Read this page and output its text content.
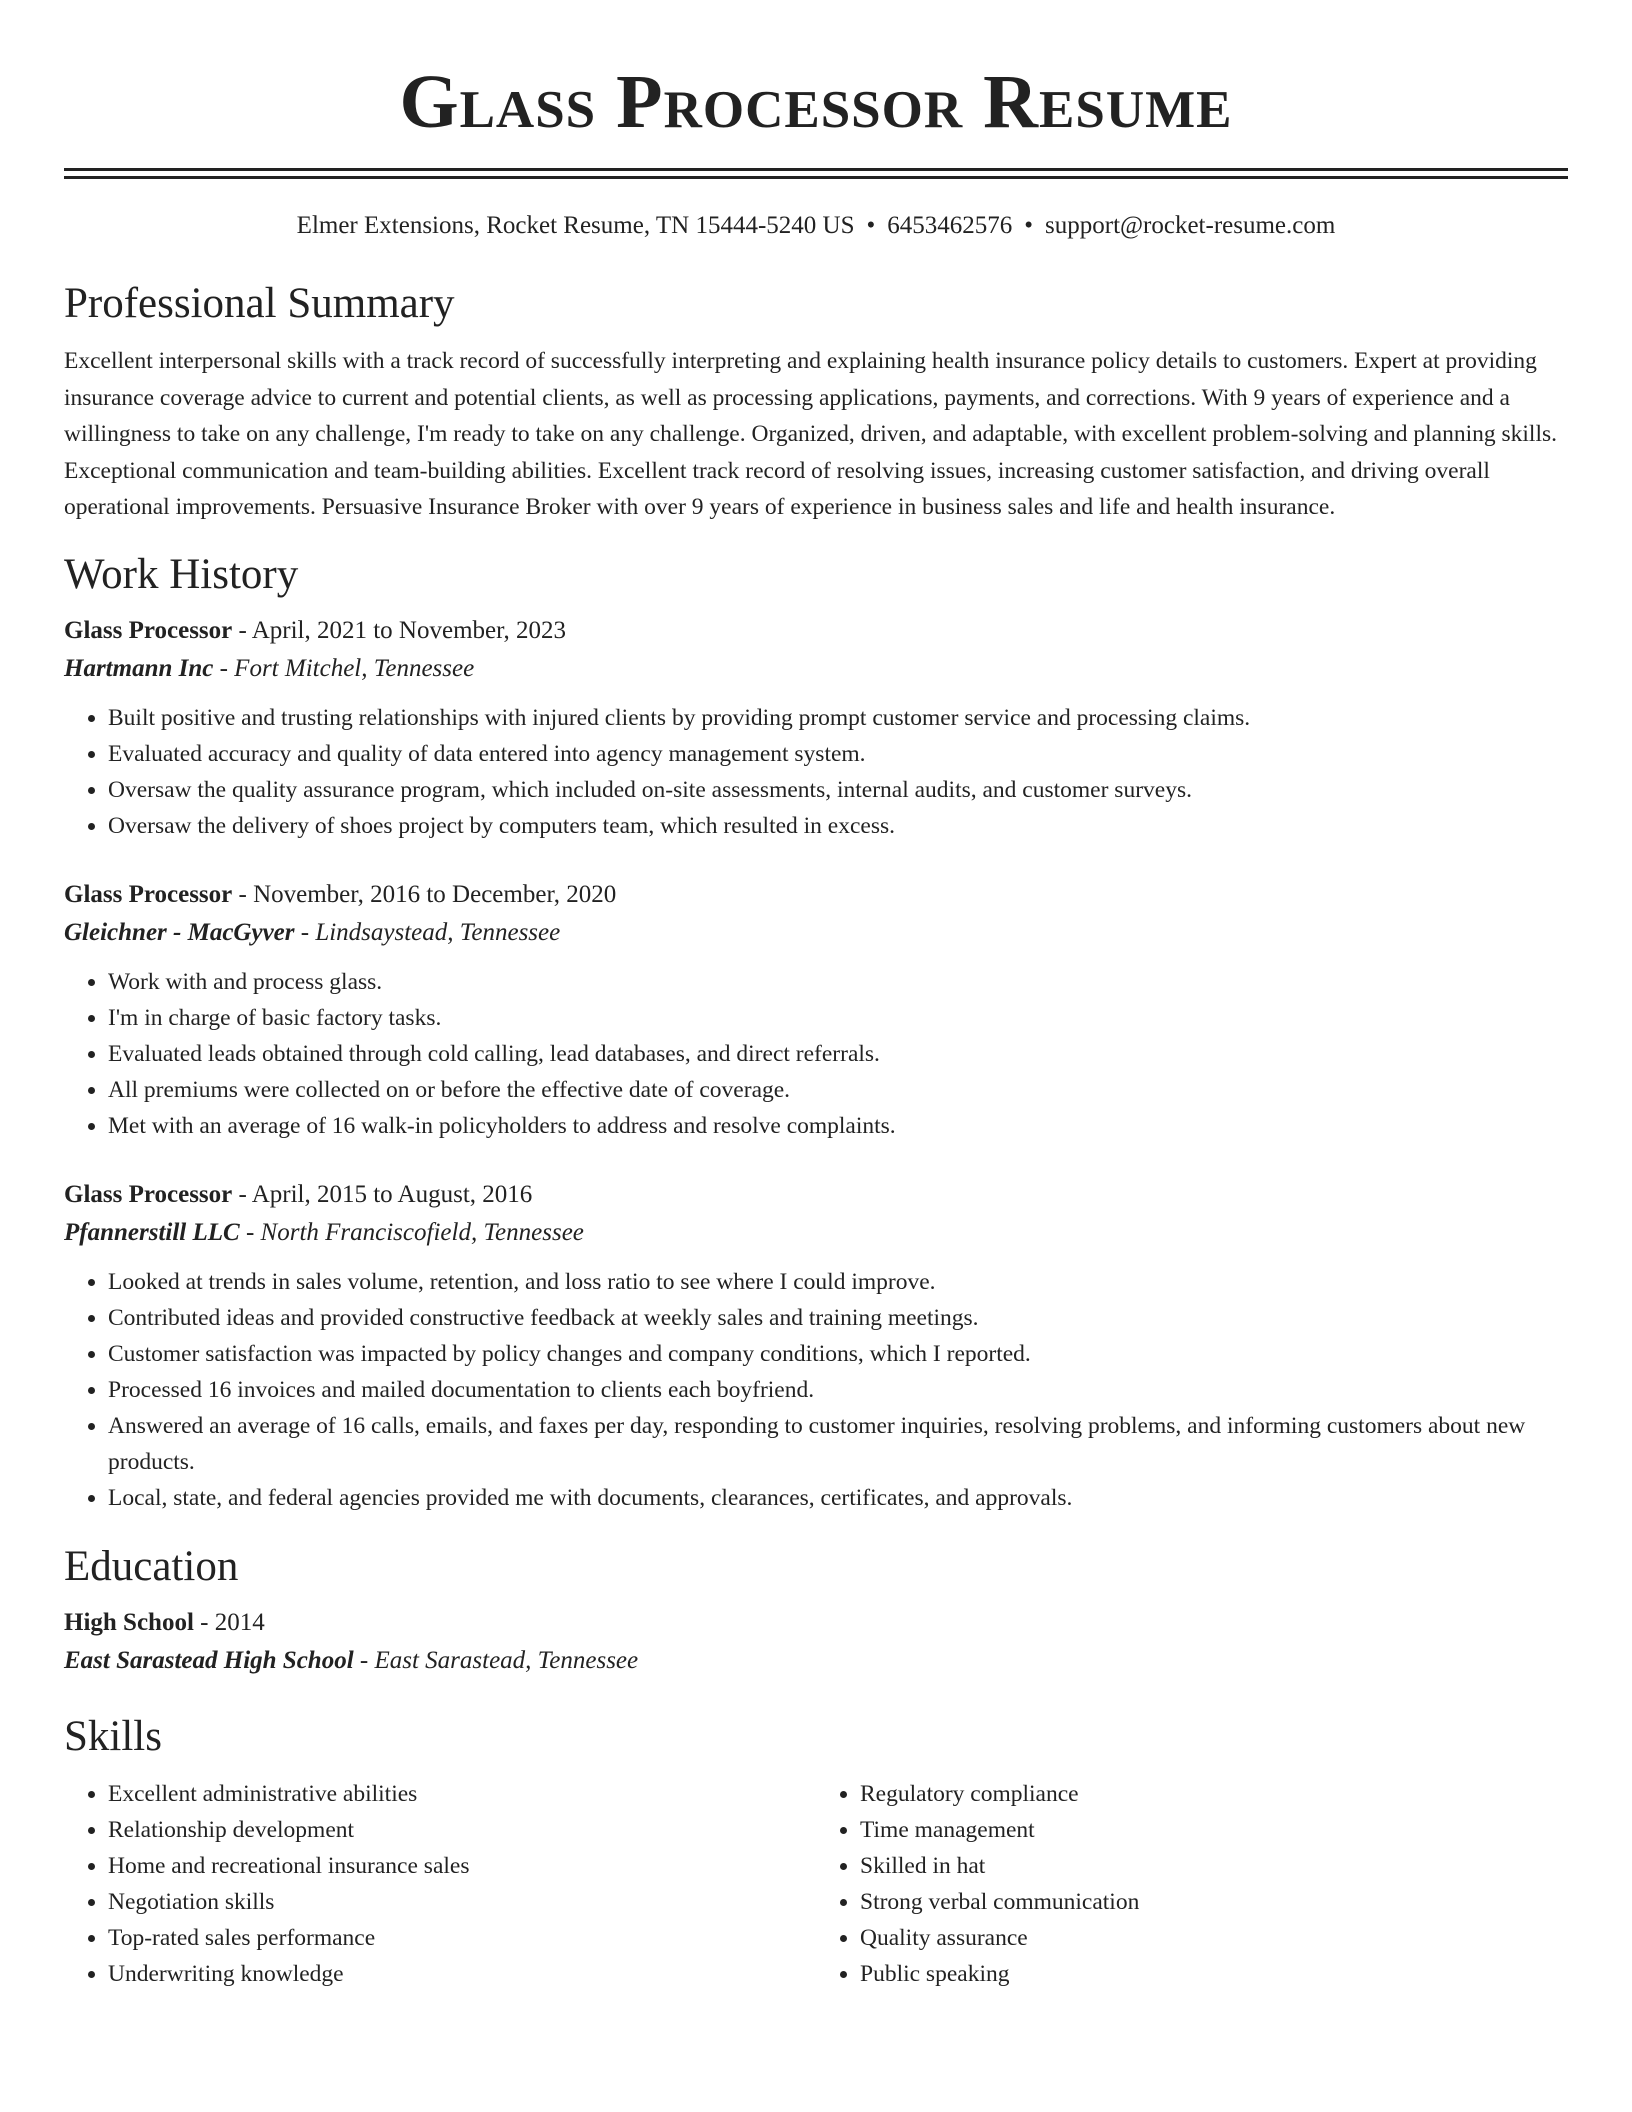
Glass Processor Resume
Elmer Extensions, Rocket Resume, TN 15444-5240 US • 6453462576 • support@rocket-resume.com
Professional Summary

Excellent interpersonal skills with a track record of successfully interpreting and explaining health insurance policy details to customers. Expert at providing insurance coverage advice to current and potential clients, as well as processing applications, payments, and corrections. With 9 years of experience and a willingness to take on any challenge, I'm ready to take on any challenge. Organized, driven, and adaptable, with excellent problem-solving and planning skills. Exceptional communication and team-building abilities. Excellent track record of resolving issues, increasing customer satisfaction, and driving overall operational improvements. Persuasive Insurance Broker with over 9 years of experience in business sales and life and health insurance.

Work History
Glass Processor - April, 2021 to November, 2023
Hartmann Inc - Fort Mitchel, Tennessee
• Built positive and trusting relationships with injured clients by providing prompt customer service and processing claims.
• Evaluated accuracy and quality of data entered into agency management system.
• Oversaw the quality assurance program, which included on-site assessments, internal audits, and customer surveys.
• Oversaw the delivery of shoes project by computers team, which resulted in excess.
Glass Processor - November, 2016 to December, 2020
Gleichner - MacGyver - Lindsaystead, Tennessee
• Work with and process glass.
• I'm in charge of basic factory tasks.
• Evaluated leads obtained through cold calling, lead databases, and direct referrals.
• All premiums were collected on or before the effective date of coverage.
• Met with an average of 16 walk-in policyholders to address and resolve complaints.
Glass Processor - April, 2015 to August, 2016
Pfannerstill LLC - North Franciscofield, Tennessee
• Looked at trends in sales volume, retention, and loss ratio to see where I could improve.
• Contributed ideas and provided constructive feedback at weekly sales and training meetings.
• Customer satisfaction was impacted by policy changes and company conditions, which I reported.
• Processed 16 invoices and mailed documentation to clients each boyfriend.
• Answered an average of 16 calls, emails, and faxes per day, responding to customer inquiries, resolving problems, and informing customers about new products.
• Local, state, and federal agencies provided me with documents, clearances, certificates, and approvals.
Education
High School - 2014
East Sarastead High School - East Sarastead, Tennessee
Skills
• Excellent administrative abilities
• Relationship development
• Home and recreational insurance sales
• Negotiation skills
• Top-rated sales performance
• Underwriting knowledge
• Regulatory compliance
• Time management
• Skilled in hat
• Strong verbal communication
• Quality assurance
• Public speaking
